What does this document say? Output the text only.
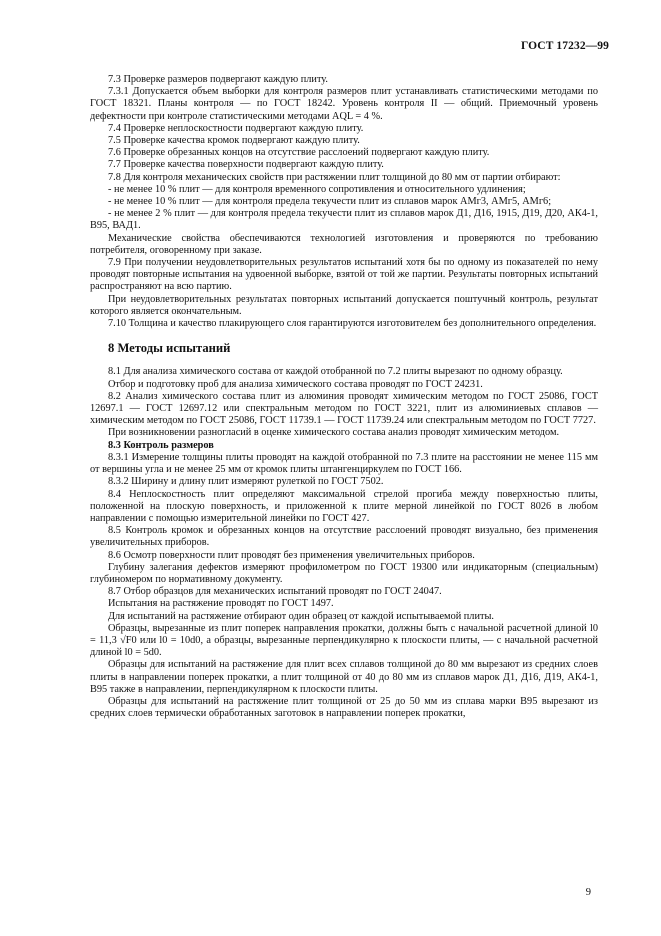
ГОСТ 17232—99

7.3 Проверке размеров подвергают каждую плиту.

7.3.1 Допускается объем выборки для контроля размеров плит устанавливать статистическими методами по ГОСТ 18321. Планы контроля — по ГОСТ 18242. Уровень контроля II — общий. Приемочный уровень дефектности при контроле статистическими методами AQL = 4 %.

7.4 Проверке неплоскостности подвергают каждую плиту.

7.5 Проверке качества кромок подвергают каждую плиту.

7.6 Проверке обрезанных концов на отсутствие расслоений подвергают каждую плиту.

7.7 Проверке качества поверхности подвергают каждую плиту.

7.8 Для контроля механических свойств при растяжении плит толщиной до 80 мм от партии отбирают:

- не менее 10 % плит — для контроля временного сопротивления и относительного удлинения;

- не менее 10 % плит — для контроля предела текучести плит из сплавов марок АМг3, АМг5, АМг6;

- не менее 2 % плит — для контроля предела текучести плит из сплавов марок Д1, Д16, 1915, Д19, Д20, АК4-1, В95, ВАД1.

Механические свойства обеспечиваются технологией изготовления и проверяются по требованию потребителя, оговоренному при заказе.

7.9 При получении неудовлетворительных результатов испытаний хотя бы по одному из показателей по нему проводят повторные испытания на удвоенной выборке, взятой от той же партии. Результаты повторных испытаний распространяют на всю партию.

При неудовлетворительных результатах повторных испытаний допускается поштучный контроль, результат которого является окончательным.

7.10 Толщина и качество плакирующего слоя гарантируются изготовителем без дополнительного определения.

8 Методы испытаний

8.1 Для анализа химического состава от каждой отобранной по 7.2 плиты вырезают по одному образцу.

Отбор и подготовку проб для анализа химического состава проводят по ГОСТ 24231.

8.2 Анализ химического состава плит из алюминия проводят химическим методом по ГОСТ 25086, ГОСТ 12697.1 — ГОСТ 12697.12 или спектральным методом по ГОСТ 3221, плит из алюминиевых сплавов — химическим методом по ГОСТ 25086, ГОСТ 11739.1 — ГОСТ 11739.24 или спектральным методом по ГОСТ 7727.

При возникновении разногласий в оценке химического состава анализ проводят химическим методом.

8.3 Контроль размеров

8.3.1 Измерение толщины плиты проводят на каждой отобранной по 7.3 плите на расстоянии не менее 115 мм от вершины угла и не менее 25 мм от кромок плиты штангенциркулем по ГОСТ 166.

8.3.2 Ширину и длину плит измеряют рулеткой по ГОСТ 7502.

8.4 Неплоскостность плит определяют максимальной стрелой прогиба между поверхностью плиты, положенной на плоскую поверхность, и приложенной к плите мерной линейкой по ГОСТ 8026 в любом направлении с помощью измерительной линейки по ГОСТ 427.

8.5 Контроль кромок и обрезанных концов на отсутствие расслоений проводят визуально, без применения увеличительных приборов.

8.6 Осмотр поверхности плит проводят без применения увеличительных приборов.

Глубину залегания дефектов измеряют профилометром по ГОСТ 19300 или индикаторным (специальным) глубиномером по нормативному документу.

8.7 Отбор образцов для механических испытаний проводят по ГОСТ 24047.

Испытания на растяжение проводят по ГОСТ 1497.

Для испытаний на растяжение отбирают один образец от каждой испытываемой плиты.

Образцы, вырезанные из плит поперек направления прокатки, должны быть с начальной расчетной длиной l0 = 11,3 √F0 или l0 = 10d0, а образцы, вырезанные перпендикулярно к плоскости плиты, — с начальной расчетной длиной l0 = 5d0.

Образцы для испытаний на растяжение для плит всех сплавов толщиной до 80 мм вырезают из средних слоев плиты в направлении поперек прокатки, а плит толщиной от 40 до 80 мм из сплавов марок Д1, Д16, Д19, АК4-1, В95 также в направлении, перпендикулярном к плоскости плиты.

Образцы для испытаний на растяжение плит толщиной от 25 до 50 мм из сплава марки В95 вырезают из средних слоев термически обработанных заготовок в направлении поперек прокатки,

9
